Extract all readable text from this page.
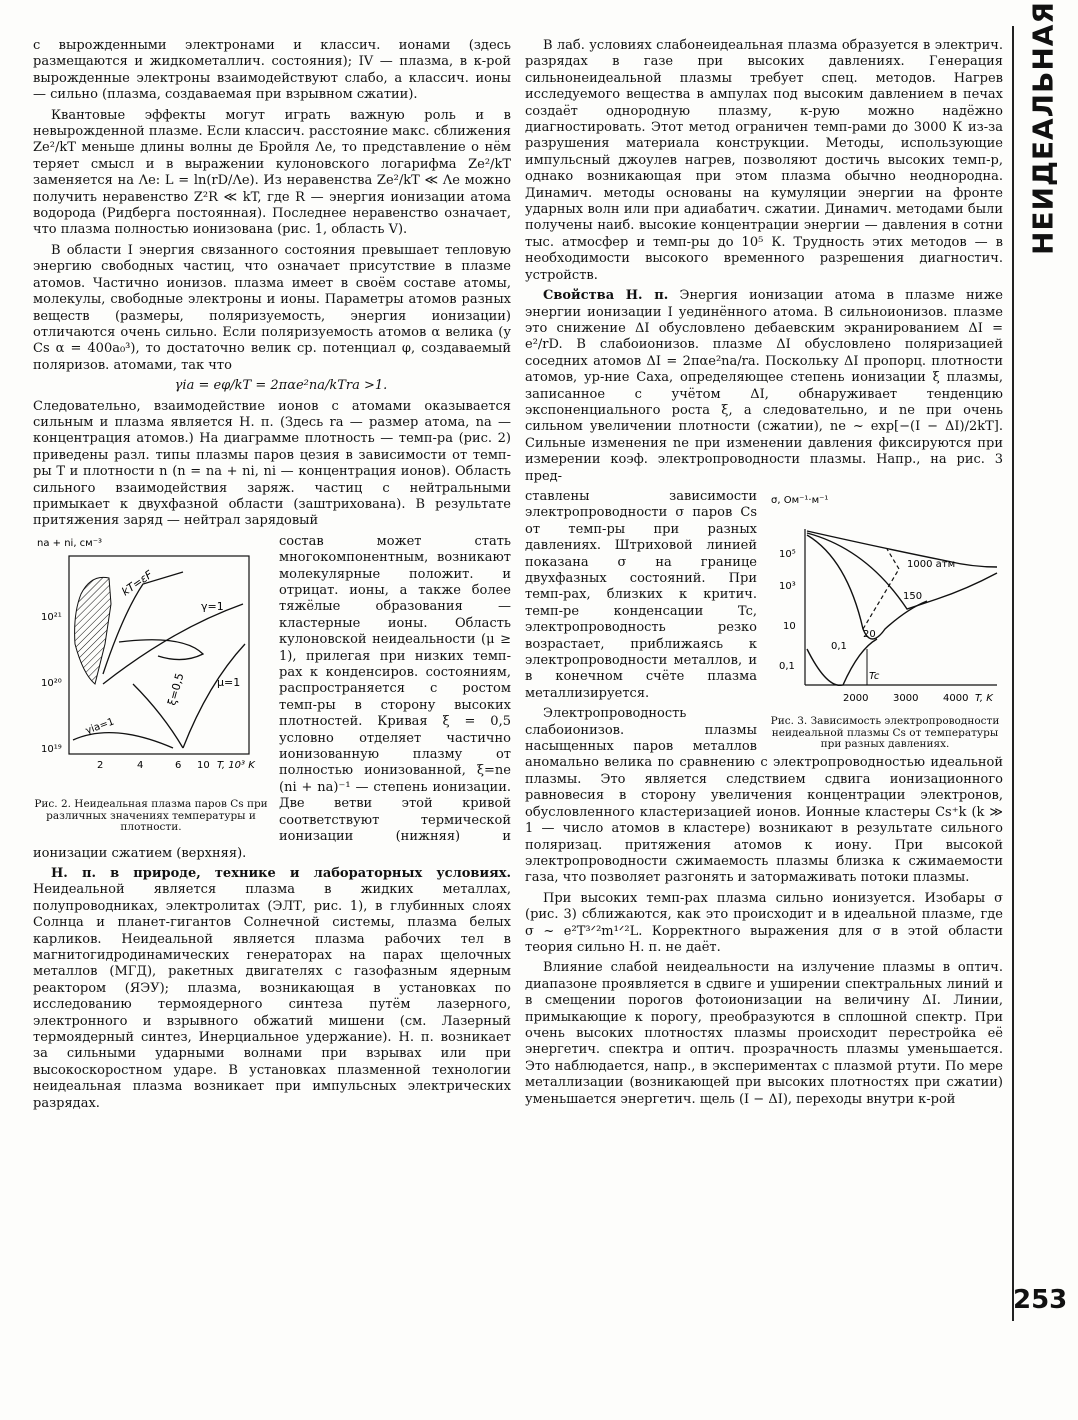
НЕИДЕАЛЬНАЯ
253

с вырожденными электронами и классич. ионами (здесь размещаются и жидкометаллич. состояния); IV — плазма, в к-рой вырожденные электроны взаимодействуют слабо, а классич. ионы — сильно (плазма, создаваемая при взрывном сжатии).

Квантовые эффекты могут играть важную роль и в невырожденной плазме. Если классич. расстояние макс. сближения Ze²/kT меньше длины волны де Бройля Λe, то представление о нём теряет смысл и в выражении кулоновского логарифма Ze²/kT заменяется на Λe: L = ln(rD/Λe). Из неравенства Ze²/kT ≪ Λe можно получить неравенство Z²R ≪ kT, где R — энергия ионизации атома водорода (Ридберга постоянная). Последнее неравенство означает, что плазма полностью ионизована (рис. 1, область V).

В области I энергия связанного состояния превышает тепловую энергию свободных частиц, что означает присутствие в плазме атомов. Частично ионизов. плазма имеет в своём составе атомы, молекулы, свободные электроны и ионы. Параметры атомов разных веществ (размеры, поляризуемость, энергия ионизации) отличаются очень сильно. Если поляризуемость атомов α велика (у Cs α = 400a₀³), то достаточно велик ср. потенциал φ, создаваемый поляризов. атомами, так что

γia = eφ/kT = 2παe²na/kTra >1.

Следовательно, взаимодействие ионов с атомами оказывается сильным и плазма является Н. п. (Здесь ra — размер атома, na — концентрация атомов.) На диаграмме плотность — темп-ра (рис. 2) приведены разл. типы плазмы паров цезия в зависимости от темп-ры T и плотности n (n = na + ni, ni — концентрация ионов). Область сильного взаимодействия заряж. частиц с нейтральными примыкает к двухфазной области (заштрихована). В результате притяжения заряд — нейтрал зарядовый

na + ni, см⁻³
kT=εF
γ=1
μ=1
ξ=0,5
γia=1
10²¹
10²⁰
10¹⁹
2	4	6 10 T, 10³ K
Рис. 2. Неидеальная плазма паров Cs при различных значениях температуры и плотности.

состав может стать многокомпонентным, возникают молекулярные положит. и отрицат. ионы, а также более тяжёлые образования — кластерные ионы. Область кулоновской неидеальности (μ ≥ 1), прилегая при низких темп-рах к конденсиров. состояниям, распространяется с ростом темп-ры в сторону высоких плотностей. Кривая ξ = 0,5 условно отделяет частично ионизованную плазму от полностью ионизованной, ξ=ne (ni + na)⁻¹ — степень ионизации. Две ветви этой кривой соответствуют термической ионизации (нижняя) и ионизации сжатием (верхняя).

Н. п. в природе, технике и лабораторных условиях. Неидеальной является плазма в жидких металлах, полупроводниках, электролитах (ЭЛТ, рис. 1), в глубинных слоях Солнца и планет-гигантов Солнечной системы, плазма белых карликов. Неидеальной является плазма рабочих тел в магнитогидродинамических генераторах на парах щелочных металлов (МГД), ракетных двигателях с газофазным ядерным реактором (ЯЭУ); плазма, возникающая в установках по исследованию термоядерного синтеза путём лазерного, электронного и взрывного обжатий мишени (см. Лазерный термоядерный синтез, Инерциальное удержание). Н. п. возникает за сильными ударными волнами при взрывах или при высокоскоростном ударе. В установках плазменной технологии неидеальная плазма возникает при импульсных электрических разрядах.

В лаб. условиях слабонеидеальная плазма образуется в электрич. разрядах в газе при высоких давлениях. Генерация сильнонеидеальной плазмы требует спец. методов. Нагрев исследуемого вещества в ампулах под высоким давлением в печах создаёт однородную плазму, к-рую можно надёжно диагностировать. Этот метод ограничен темп-рами до 3000 К из-за разрушения материала конструкции. Методы, использующие импульсный джоулев нагрев, позволяют достичь высоких темп-р, однако возникающая при этом плазма обычно неоднородна. Динамич. методы основаны на кумуляции энергии на фронте ударных волн или при адиабатич. сжатии. Динамич. методами были получены наиб. высокие концентрации энергии — давления в сотни тыс. атмосфер и темп-ры до 10⁵ К. Трудность этих методов — в необходимости высокого временного разрешения диагностич. устройств.

Свойства Н. п. Энергия ионизации атома в плазме ниже энергии ионизации I уединённого атома. В сильноионизов. плазме это снижение ΔI обусловлено дебаевским экранированием ΔI = e²/rD. В слабоионизов. плазме ΔI обусловлено поляризацией соседних атомов ΔI = 2παe²na/ra. Поскольку ΔI пропорц. плотности атомов, ур-ние Саха, определяющее степень ионизации ξ плазмы, записанное с учётом ΔI, обнаруживает тенденцию экспоненциального роста ξ, а следовательно, и ne при очень сильном увеличении плотности (сжатии), ne ~ exp[−(I − ΔI)/2kT]. Сильные изменения ne при изменении давления фиксируются при измерении коэф. электропроводности плазмы. Напр., на рис. 3 пред-

σ, Ом⁻¹·м⁻¹
1000 атм
150
20
0,1
Tc
10⁵
10³
10
0,1
2000 3000 4000 T, K
Рис. 3. Зависимость электропроводности неидеальной плазмы Cs от температуры при разных давлениях.

ставлены зависимости электропроводности σ паров Cs от темп-ры при разных давлениях. Штриховой линией показана σ на границе двухфазных состояний. При темп-рах, близких к критич. темп-ре конденсации Tc, электропроводность резко возрастает, приближаясь к электропроводности металлов, и в конечном счёте плазма металлизируется.

Электропроводность слабоионизов. плазмы насыщенных паров металлов аномально велика по сравнению с электропроводностью идеальной плазмы. Это является следствием сдвига ионизационного равновесия в сторону увеличения концентрации электронов, обусловленного кластеризацией ионов. Ионные кластеры Cs⁺k (k ≫ 1 — число атомов в кластере) возникают в результате сильного поляризац. притяжения атомов к иону. При высокой электропроводности сжимаемость плазмы близка к сжимаемости газа, что позволяет разгонять и затормаживать потоки плазмы.

При высоких темп-рах плазма сильно ионизуется. Изобары σ (рис. 3) сближаются, как это происходит и в идеальной плазме, где σ ~ e²T³ᐟ²m¹ᐟ²L. Корректного выражения для σ в этой области теория сильно Н. п. не даёт.

Влияние слабой неидеальности на излучение плазмы в оптич. диапазоне проявляется в сдвиге и уширении спектральных линий и в смещении порогов фотоионизации на величину ΔI. Линии, примыкающие к порогу, преобразуются в сплошной спектр. При очень высоких плотностях плазмы происходит перестройка её энергетич. спектра и оптич. прозрачность плазмы уменьшается. Это наблюдается, напр., в экспериментах с плазмой ртути. По мере металлизации (возникающей при высоких плотностях при сжатии) уменьшается энергетич. щель (I − ΔI), переходы внутри к-рой
